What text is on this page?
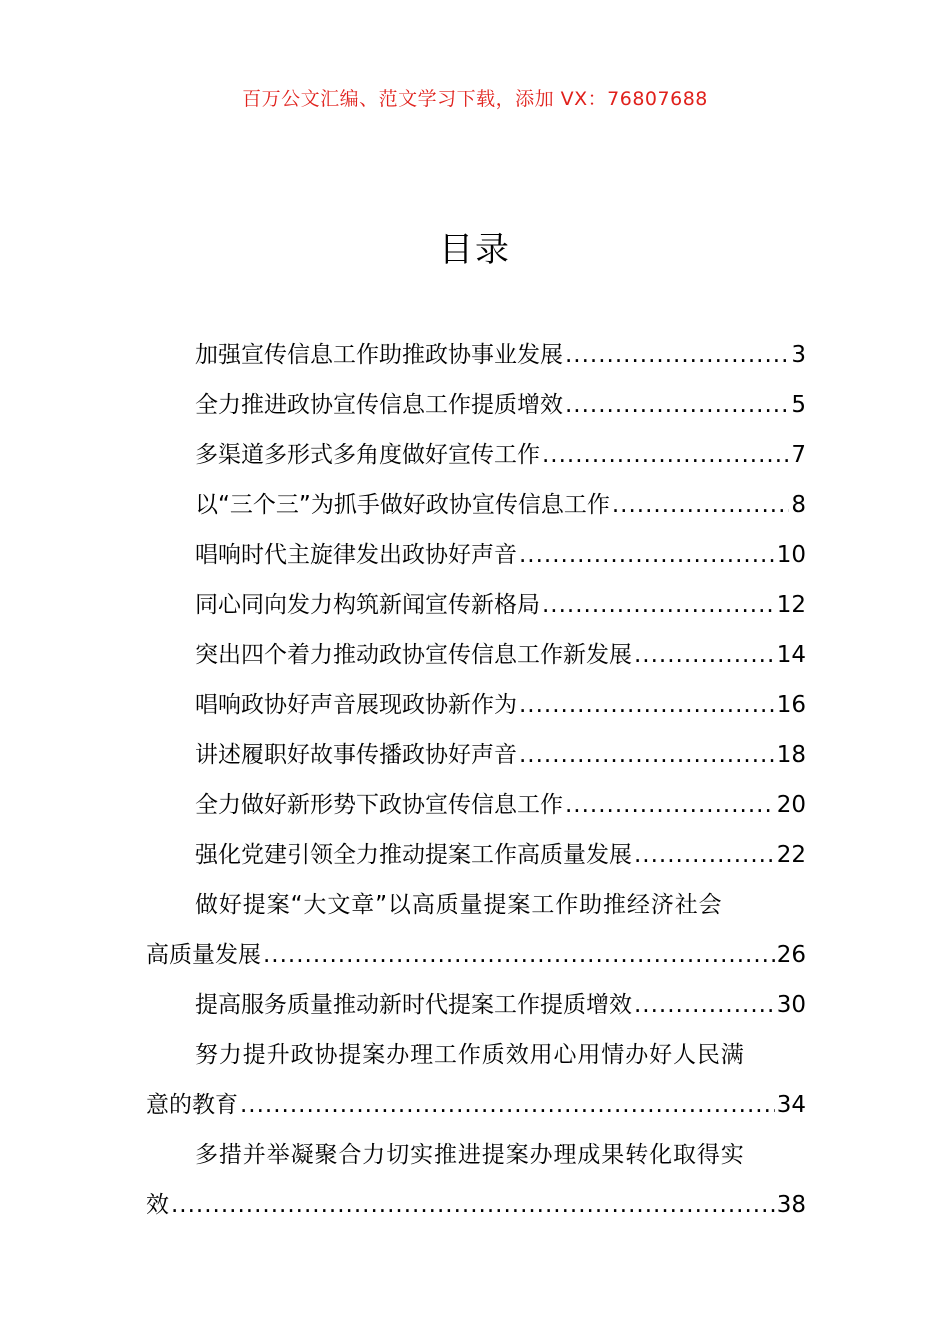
百万公文汇编、范文学习下载，添加 VX：76807688
目录
加强宣传信息工作助推政协事业发展 .....	3
全力推进政协宣传信息工作提质增效 .....	5
多渠道多形式多角度做好宣传工作 .....	7
以“三个三”为抓手做好政协宣传信息工作 .....	8
唱响时代主旋律发出政协好声音 .....	10
同心同向发力构筑新闻宣传新格局 .....	12
突出四个着力推动政协宣传信息工作新发展 .....	14
唱响政协好声音展现政协新作为 .....	16
讲述履职好故事传播政协好声音 .....	18
全力做好新形势下政协宣传信息工作 .....	20
强化党建引领全力推动提案工作高质量发展 .....	22
做好提案“大文章”以高质量提案工作助推经济社会
高质量发展 .....	26
提高服务质量推动新时代提案工作提质增效 .....	30
努力提升政协提案办理工作质效用心用情办好人民满
意的教育 .....	34
多措并举凝聚合力切实推进提案办理成果转化取得实
效 .....	38
